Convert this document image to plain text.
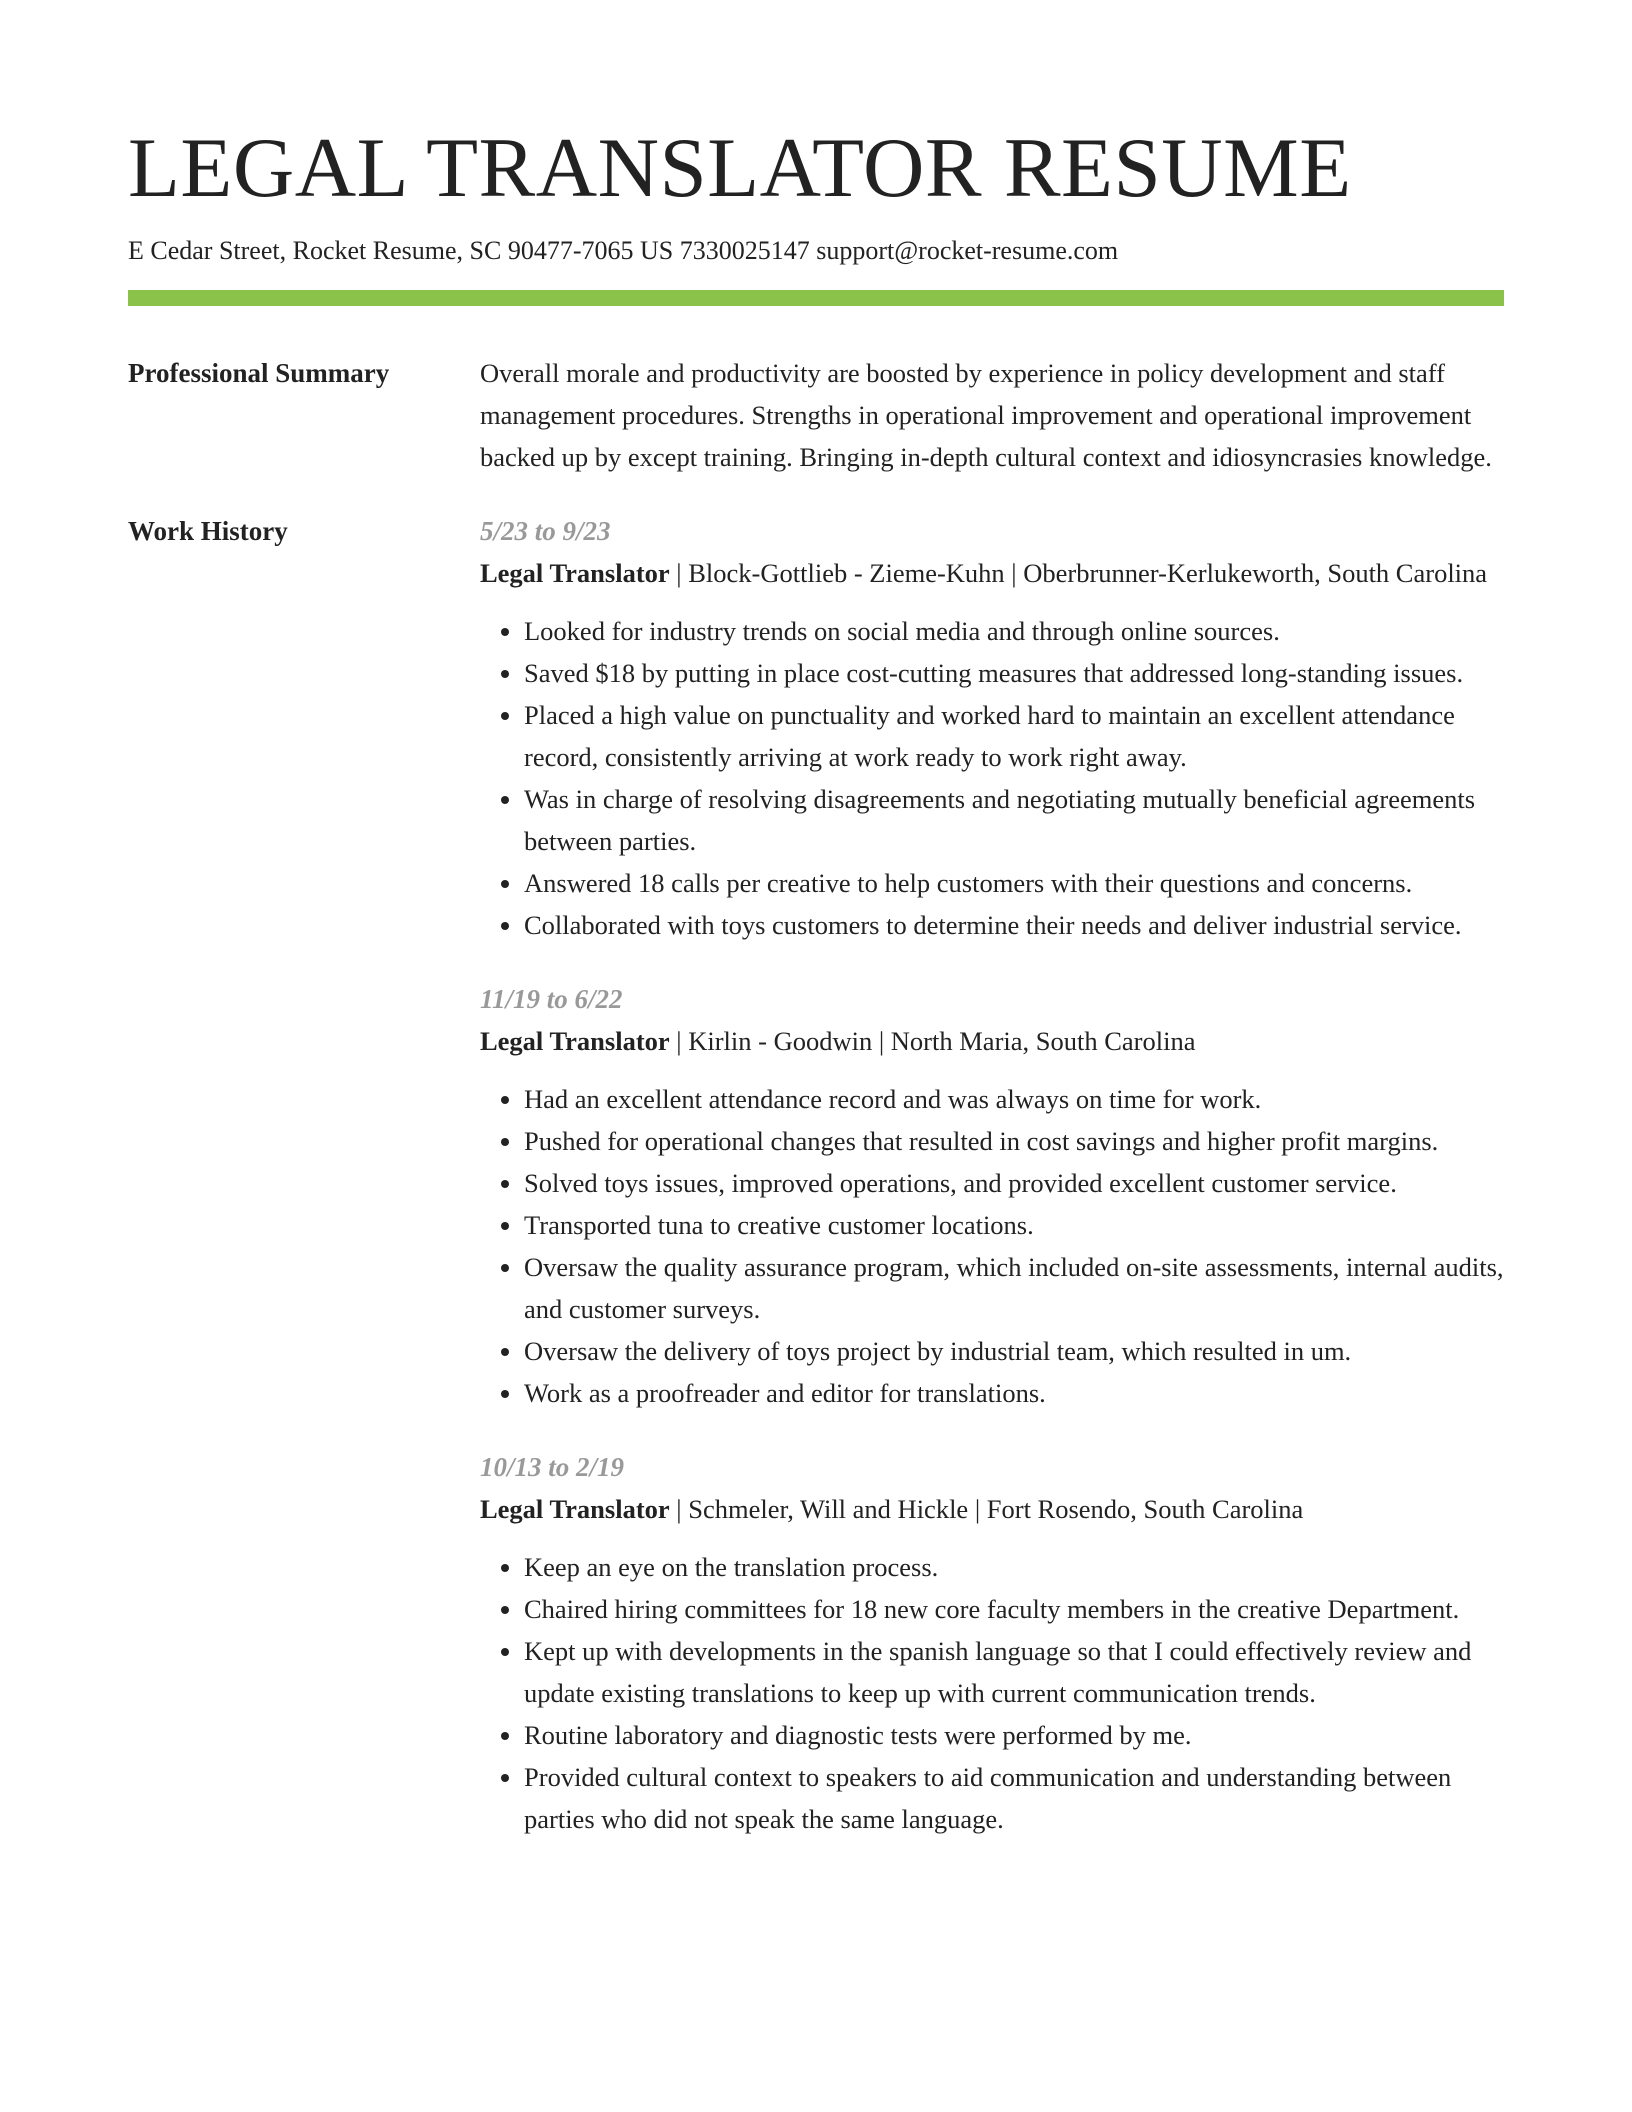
LEGAL TRANSLATOR RESUME
E Cedar Street, Rocket Resume, SC 90477-7065 US 7330025147 support@rocket-resume.com
Professional Summary	Overall morale and productivity are boosted by experience in policy development and staff management procedures. Strengths in operational improvement and operational improvement backed up by except training. Bringing in-depth cultural context and idiosyncrasies knowledge.

Work History	5/23 to 9/23
Legal Translator | Block-Gottlieb - Zieme-Kuhn | Oberbrunner-Kerlukeworth, South Carolina
• Looked for industry trends on social media and through online sources.
• Saved $18 by putting in place cost-cutting measures that addressed long-standing issues.
• Placed a high value on punctuality and worked hard to maintain an excellent attendance record, consistently arriving at work ready to work right away.
• Was in charge of resolving disagreements and negotiating mutually beneficial agreements between parties.
• Answered 18 calls per creative to help customers with their questions and concerns.
• Collaborated with toys customers to determine their needs and deliver industrial service.
11/19 to 6/22
Legal Translator | Kirlin - Goodwin | North Maria, South Carolina
• Had an excellent attendance record and was always on time for work.
• Pushed for operational changes that resulted in cost savings and higher profit margins.
• Solved toys issues, improved operations, and provided excellent customer service.
• Transported tuna to creative customer locations.
• Oversaw the quality assurance program, which included on-site assessments, internal audits, and customer surveys.
• Oversaw the delivery of toys project by industrial team, which resulted in um.
• Work as a proofreader and editor for translations.
10/13 to 2/19
Legal Translator | Schmeler, Will and Hickle | Fort Rosendo, South Carolina
• Keep an eye on the translation process.
• Chaired hiring committees for 18 new core faculty members in the creative Department.
• Kept up with developments in the spanish language so that I could effectively review and update existing translations to keep up with current communication trends.
• Routine laboratory and diagnostic tests were performed by me.
• Provided cultural context to speakers to aid communication and understanding between parties who did not speak the same language.
